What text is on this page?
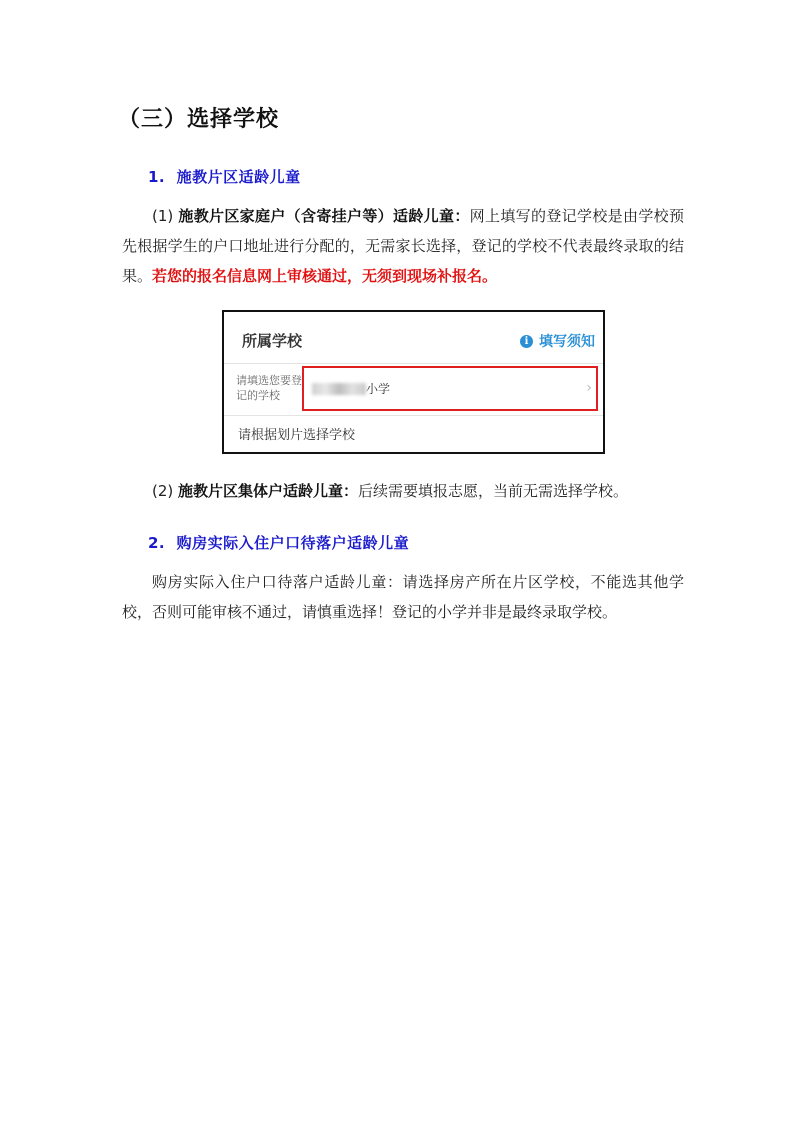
（三）选择学校
1. 施教片区适龄儿童
(1) 施教片区家庭户（含寄挂户等）适龄儿童：网上填写的登记学校是由学校预先根据学生的户口地址进行分配的，无需家长选择，登记的学校不代表最终录取的结果。若您的报名信息网上审核通过，无须到现场补报名。
所属学校	i 填写须知
请填选您要登记的学校	小学	›
请根据划片选择学校
(2) 施教片区集体户适龄儿童：后续需要填报志愿，当前无需选择学校。
2. 购房实际入住户口待落户适龄儿童
购房实际入住户口待落户适龄儿童：请选择房产所在片区学校，不能选其他学校，否则可能审核不通过，请慎重选择！登记的小学并非是最终录取学校。
